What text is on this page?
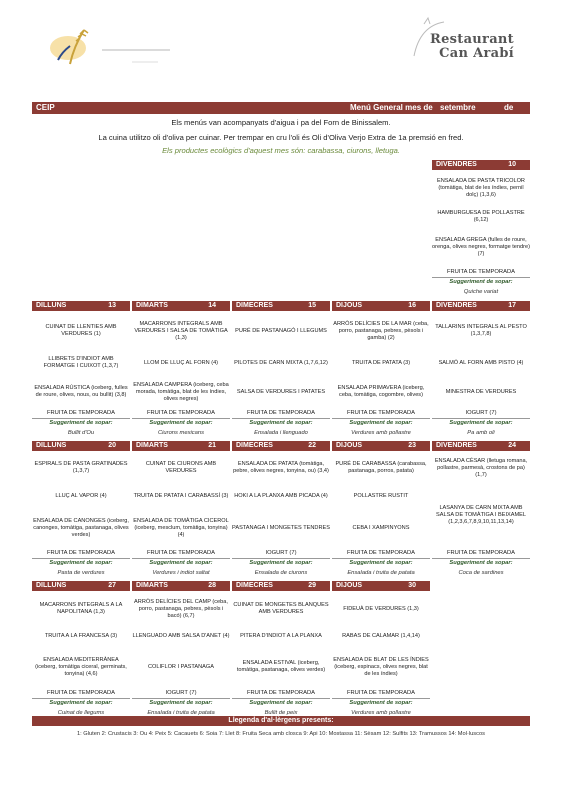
Restaurant
Can Arabí
CEIP	Menú General mes de setembre	de 2021
Els menús van acompanyats d'aigua i pa del Forn de Binissalem.
La cuina utilitzo oli d'oliva per cuinar. Per trempar en cru l'oli és Oli d'Oliva Verjo Extra de 1a premsió en fred.
Els productes ecològics d'aquest mes són: carabassa, ciurons, lletuga.
DIVENDRES	10
ENSALADA DE PASTA TRICOLOR (tomàtiga, blat de les índies, pernil dolç) (1,3,6)
HAMBURGUESA DE POLLASTRE (6,12)
ENSALADA GREGA (fulles de roure, orenga, olives negres, formatge tendre) (7)
FRUITA DE TEMPORADA
Suggeriment de sopar:
Quiche variat
DILLUNS	13
CUINAT DE LLENTIES AMB VERDURES (1)
LLIBRETS D'INDIOT AMB FORMATGE I CUIXOT (1,3,7)
ENSALADA RÚSTICA (iceberg, fulles de roure, olives, nous, ou bullit) (3,8)
FRUITA DE TEMPORADA
Suggeriment de sopar:
Bullit d'Ou
DIMARTS	14
MACARRONS INTEGRALS AMB VERDURES I SALSA DE TOMÀTIGA (1,3)
LLOM DE LLUÇ AL FORN (4)
ENSALADA CAMPERA (iceberg, ceba morada, tomàtiga, blat de les índies, olives negres)
FRUITA DE TEMPORADA
Suggeriment de sopar:
Ciurons mexicans
DIMECRES	15
PURÉ DE PASTANAGÓ I LLEGUMS
PILOTES DE CARN MIXTA (1,7,6,12)
SALSA DE VERDURES I PATATES
FRUITA DE TEMPORADA
Suggeriment de sopar:
Ensalada i llenguado
DIJOUS	16
ARRÒS DELÍCIES DE LA MAR (ceba, porro, pastanaga, pebres, pèsols i gamba) (2)
TRUITA DE PATATA (3)
ENSALADA PRIMAVERA (iceberg, ceba, tomàtiga, cogombre, olives)
FRUITA DE TEMPORADA
Suggeriment de sopar:
Verdures amb pollastre
DIVENDRES	17
TALLARINS INTEGRALS AL PESTO (1,3,7,8)
SALMÓ AL FORN AMB PISTO (4)
MINESTRA DE VERDURES
IOGURT (7)
Suggeriment de sopar:
Pa amb oli
DILLUNS	20
ESPIRALS DE PASTA GRATINADES (1,3,7)
LLUÇ AL VAPOR (4)
ENSALADA DE CANONGES (iceberg, canonges, tomàtiga, pastanaga, olives verdes)
FRUITA DE TEMPORADA
Suggeriment de sopar:
Pasta de verdures
DIMARTS	21
CUINAT DE CIURONS AMB VERDURES
TRUITA DE PATATA I CARABASSÍ (3)
ENSALADA DE TOMÀTIGA CICEROL (iceberg, mesclum, tomàtiga, tonyina) (4)
FRUITA DE TEMPORADA
Suggeriment de sopar:
Verdures i indiot saltat
DIMECRES	22
ENSALADA DE PATATA (tomàtiga, pebre, olives negres, tonyina, ou) (3,4)
HOKI A LA PLANXA AMB PICADA (4)
PASTANAGA I MONGETES TENDRES
IOGURT (7)
Suggeriment de sopar:
Ensalada de ciurons
DIJOUS	23
PURÉ DE CARABASSA (carabassa, pastanaga, porros, patata)
POLLASTRE RUSTIT
CEBA I XAMPINYONS
FRUITA DE TEMPORADA
Suggeriment de sopar:
Ensalada i truita de patata
DIVENDRES	24
ENSALADA CÈSAR (lletuga romana, pollastre, parmesà, crostons de pa) (1,7)
LASANYA DE CARN MIXTA AMB SALSA DE TOMÀTIGA I BEIXAMEL (1,2,3,6,7,8,9,10,11,13,14)
FRUITA DE TEMPORADA
Suggeriment de sopar:
Coca de sardines
DILLUNS	27
MACARRONS INTEGRALS A LA NAPOLITANA (1,3)
TRUITA A LA FRANCESA (3)
ENSALADA MEDITERRÀNEA (iceberg, tomàtiga ciceral, germinats, tonyina) (4,6)
FRUITA DE TEMPORADA
Suggeriment de sopar:
Cuinat de llegums
DIMARTS	28
ARRÒS DELÍCIES DEL CAMP (ceba, porro, pastanaga, pebres, pèsols i bacó) (6,7)
LLENGUADO AMB SALSA D'ANET (4)
COLIFLOR I PASTANAGA
IOGURT (7)
Suggeriment de sopar:
Ensalada i truita de patata
DIMECRES	29
CUINAT DE MONGETES BLANQUES AMB VERDURES
PITERA D'INDIOT A LA PLANXA
ENSALADA ESTIVAL (iceberg, tomàtiga, pastanaga, olives verdes)
FRUITA DE TEMPORADA
Suggeriment de sopar:
Bullit de peix
DIJOUS	30
FIDEUÀ DE VERDURES (1,3)
RABAS DE CALAMAR (1,4,14)
ENSALADA DE BLAT DE LES ÍNDIES (iceberg, espinacs, olives negres, blat de les índies)
FRUITA DE TEMPORADA
Suggeriment de sopar:
Verdures amb pollastre
Llegenda d'al·lèrgens presents:
1: Gluten 2: Crustacis 3: Ou 4: Peix 5: Cacauets 6: Soia 7: Llet 8: Fruita Seca amb closca 9: Api 10: Mostassa 11: Sèsam 12: Sulfits 13: Tramussos 14: Mol·luscos
